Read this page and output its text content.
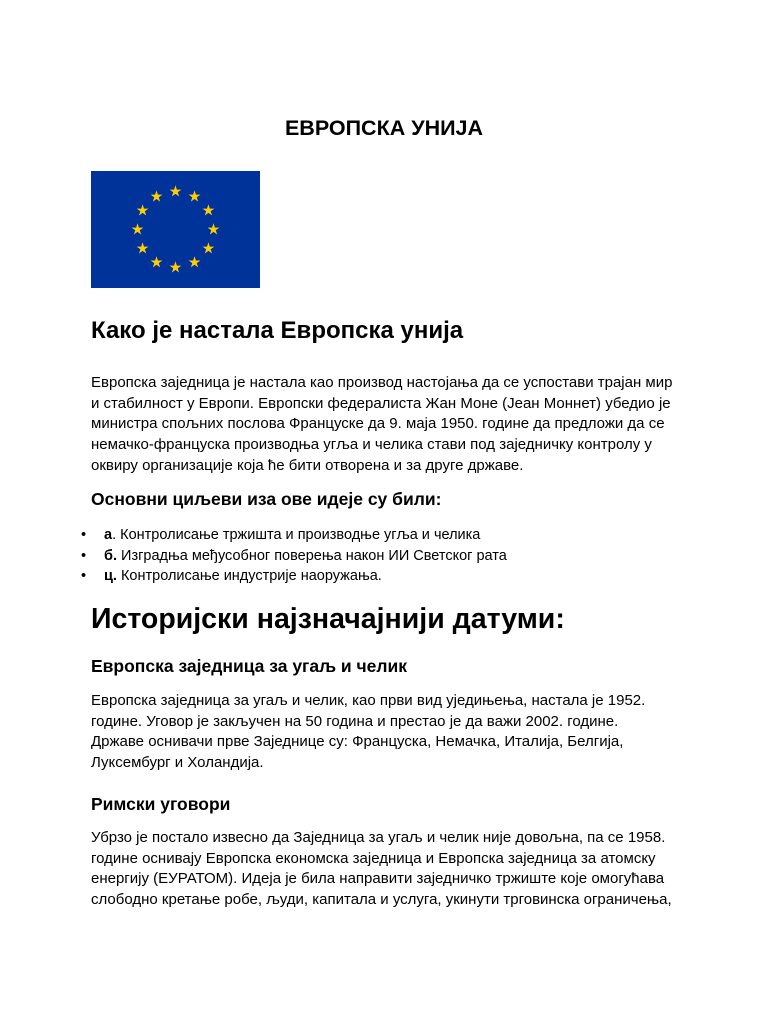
ЕВРОПСКА УНИЈА
Како је настала Европска унија
Европска заједница је настала као производ настојања да се успостави трајан мир
и стабилност у Европи. Европски федералиста Жан Моне (Јеан Моннет) убедио је
министра спољних послова Француске да 9. маја 1950. године да предложи да се
немачко-француска производња угља и челика стави под заједничку контролу у
оквиру организације која ће бити отворена и за друге државе.
Основни циљеви иза ове идеје су били:
• а. Контролисање тржишта и производње угља и челика
• б. Изградња међусобног поверења након ИИ Светског рата
• ц. Контролисање индустрије наоружања.
Историјски најзначајнији датуми:
Европска заједница за угаљ и челик
Европска заједница за угаљ и челик, као први вид уједињења, настала је 1952.
године. Уговор је закључен на 50 година и престао је да важи 2002. године.
Државе оснивачи прве Заједнице су: Француска, Немачка, Италија, Белгија,
Луксембург и Холандија.
Римски уговори
Убрзо је постало извесно да Заједница за угаљ и челик није довољна, па се 1958.
године оснивају Европска економска заједница и Европска заједница за атомску
енергију (ЕУРАТОМ). Идеја је била направити заједничко тржиште које омогућава
слободно кретање робе, људи, капитала и услуга, укинути трговинска ограничења,
